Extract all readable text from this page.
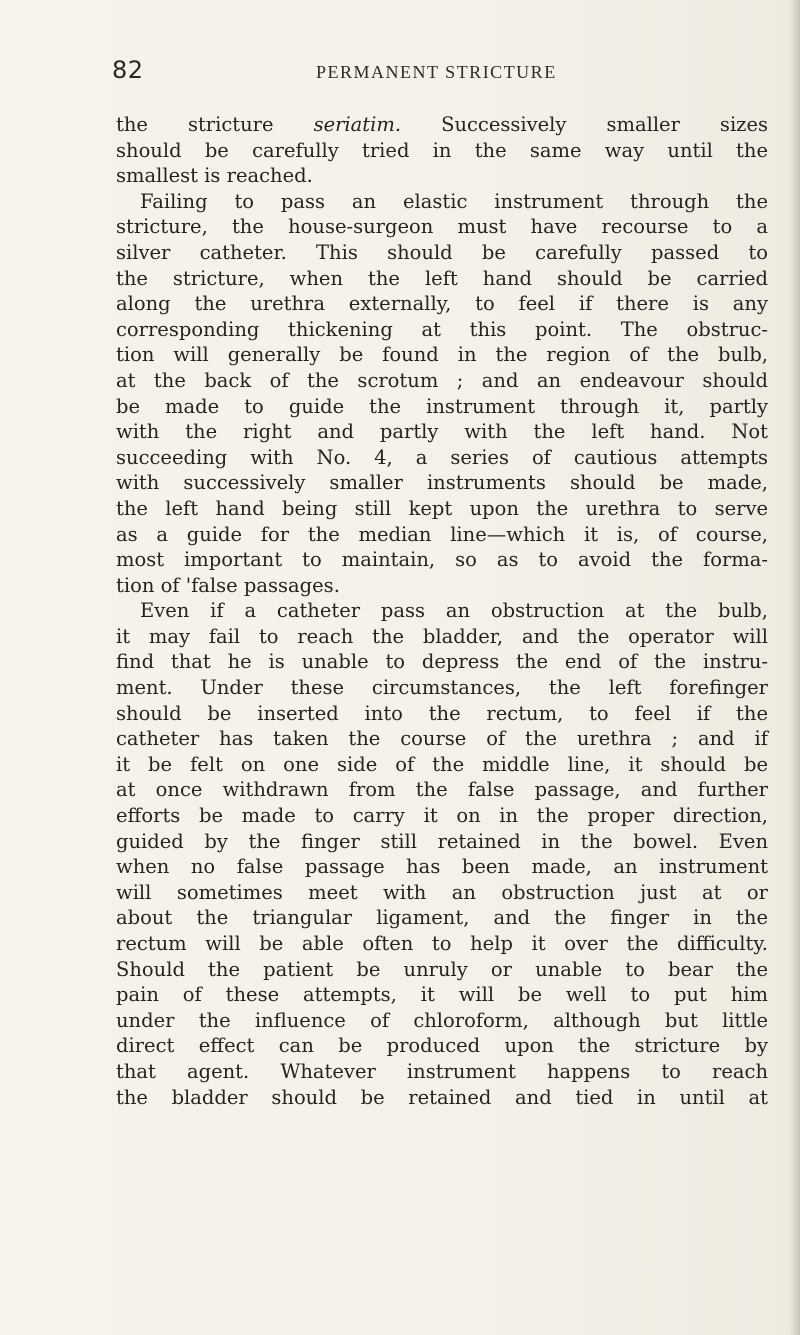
82	PERMANENT STRICTURE
the stricture seriatim. Successively smaller sizes
should be carefully tried in the same way until the
smallest is reached.
Failing to pass an elastic instrument through the
stricture, the house-surgeon must have recourse to a
silver catheter. This should be carefully passed to
the stricture, when the left hand should be carried
along the urethra externally, to feel if there is any
corresponding thickening at this point. The obstruc-
tion will generally be found in the region of the bulb,
at the back of the scrotum ; and an endeavour should
be made to guide the instrument through it, partly
with the right and partly with the left hand. Not
succeeding with No. 4, a series of cautious attempts
with successively smaller instruments should be made,
the left hand being still kept upon the urethra to serve
as a guide for the median line—which it is, of course,
most important to maintain, so as to avoid the forma-
tion of 'false passages.
Even if a catheter pass an obstruction at the bulb,
it may fail to reach the bladder, and the operator will
find that he is unable to depress the end of the instru-
ment. Under these circumstances, the left forefinger
should be inserted into the rectum, to feel if the
catheter has taken the course of the urethra ; and if
it be felt on one side of the middle line, it should be
at once withdrawn from the false passage, and further
efforts be made to carry it on in the proper direction,
guided by the finger still retained in the bowel. Even
when no false passage has been made, an instrument
will sometimes meet with an obstruction just at or
about the triangular ligament, and the finger in the
rectum will be able often to help it over the difficulty.
Should the patient be unruly or unable to bear the
pain of these attempts, it will be well to put him
under the influence of chloroform, although but little
direct effect can be produced upon the stricture by
that agent. Whatever instrument happens to reach
the bladder should be retained and tied in until at
